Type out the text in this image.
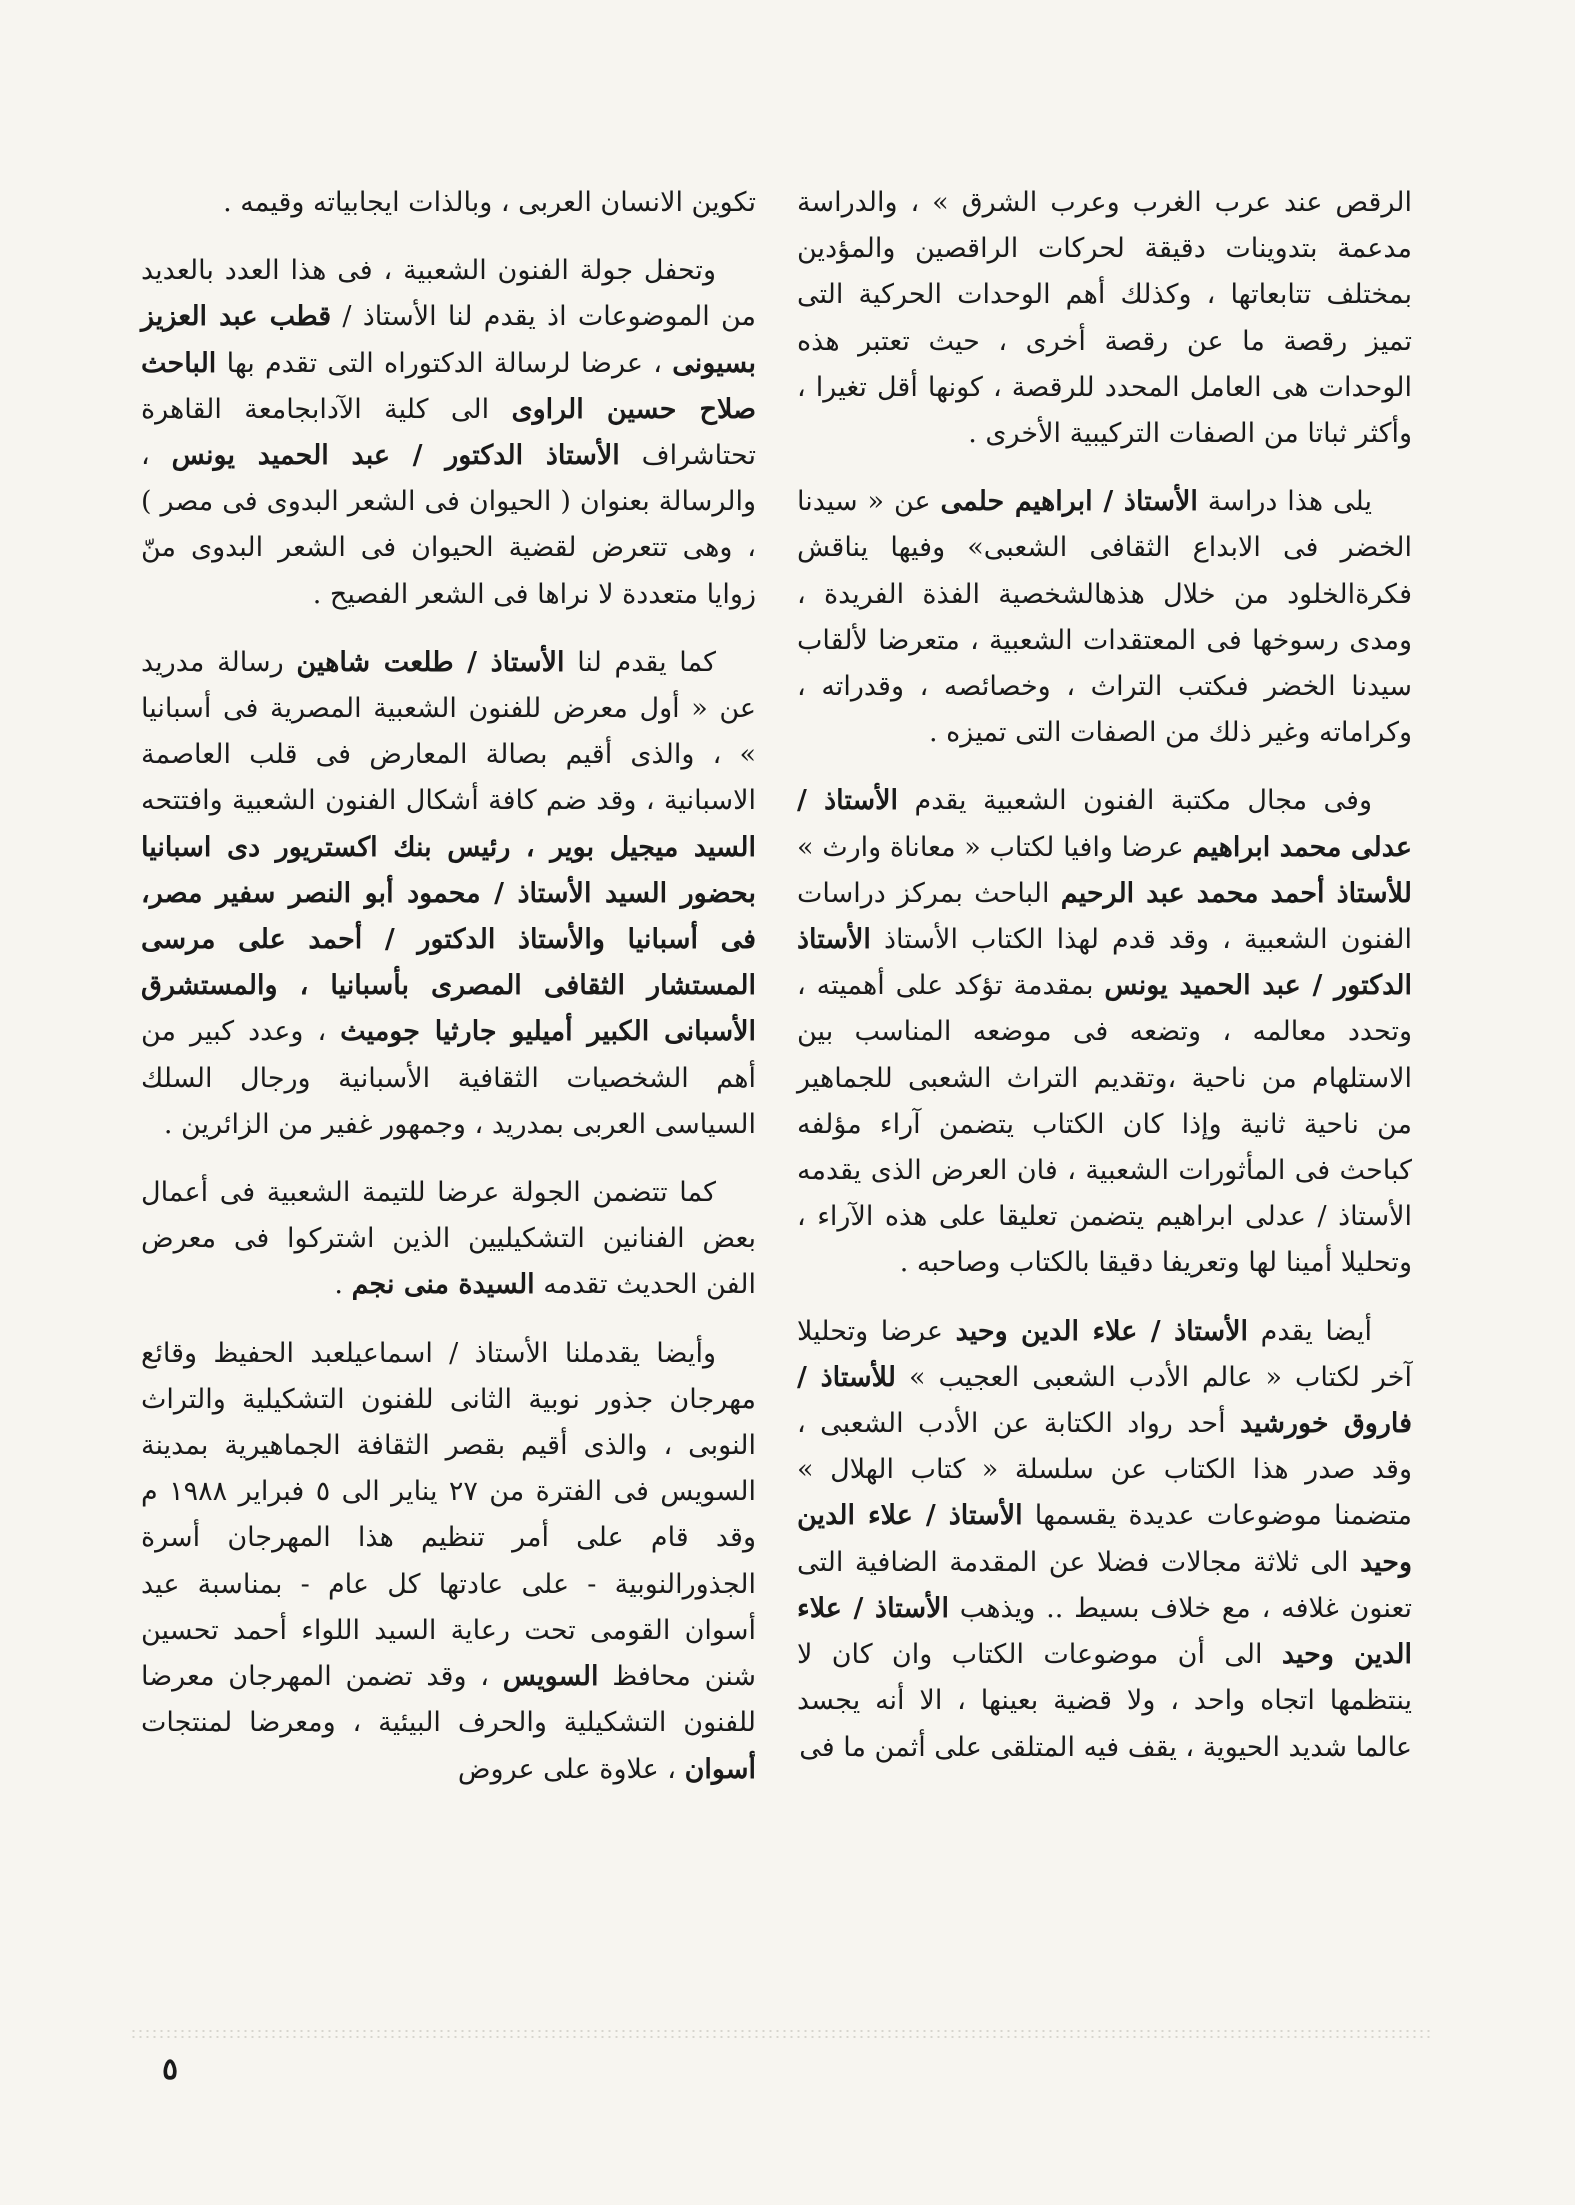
الرقص عند عرب الغرب وعرب الشرق » ، والدراسة مدعمة بتدوينات دقيقة لحركات الراقصين والمؤدين بمختلف تتابعاتها ، وكذلك أهم الوحدات الحركية التى تميز رقصة ما عن رقصة أخرى ، حيث تعتبر هذه الوحدات هى العامل المحدد للرقصة ، كونها أقل تغيرا ، وأكثر ثباتا من الصفات التركيبية الأخرى .

يلى هذا دراسة الأستاذ / ابراهيم حلمى عن « سيدنا الخضر فى الابداع الثقافى الشعبى» وفيها يناقش فكرةالخلود من خلال هذهالشخصية الفذة الفريدة ، ومدى رسوخها فى المعتقدات الشعبية ، متعرضا لألقاب سيدنا الخضر فىكتب التراث ، وخصائصه ، وقدراته ، وكراماته وغير ذلك من الصفات التى تميزه .

وفى مجال مكتبة الفنون الشعبية يقدم الأستاذ / عدلى محمد ابراهيم عرضا وافيا لكتاب « معاناة وارث » للأستاذ أحمد محمد عبد الرحيم الباحث بمركز دراسات الفنون الشعبية ، وقد قدم لهذا الكتاب الأستاذ الأستاذ الدكتور / عبد الحميد يونس بمقدمة تؤكد على أهميته ، وتحدد معالمه ، وتضعه فى موضعه المناسب بين الاستلهام من ناحية ،وتقديم التراث الشعبى للجماهير من ناحية ثانية وإذا كان الكتاب يتضمن آراء مؤلفه كباحث فى المأثورات الشعبية ، فان العرض الذى يقدمه الأستاذ / عدلى ابراهيم يتضمن تعليقا على هذه الآراء ، وتحليلا أمينا لها وتعريفا دقيقا بالكتاب وصاحبه .

أيضا يقدم الأستاذ / علاء الدين وحيد عرضا وتحليلا آخر لكتاب « عالم الأدب الشعبى العجيب » للأستاذ / فاروق خورشيد أحد رواد الكتابة عن الأدب الشعبى ، وقد صدر هذا الكتاب عن سلسلة « كتاب الهلال » متضمنا موضوعات عديدة يقسمها الأستاذ / علاء الدين وحيد الى ثلاثة مجالات فضلا عن المقدمة الضافية التى تعنون غلافه ، مع خلاف بسيط .. ويذهب الأستاذ / علاء الدين وحيد الى أن موضوعات الكتاب وان كان لا ينتظمها اتجاه واحد ، ولا قضية بعينها ، الا أنه يجسد عالما شديد الحيوية ، يقف فيه المتلقى على أثمن ما فى

تكوين الانسان العربى ، وبالذات ايجابياته وقيمه .

وتحفل جولة الفنون الشعبية ، فى هذا العدد بالعديد من الموضوعات اذ يقدم لنا الأستاذ / قطب عبد العزيز بسيونى ، عرضا لرسالة الدكتوراه التى تقدم بها الباحث صلاح حسين الراوى الى كلية الآدابجامعة القاهرة تحتاشراف الأستاذ الدكتور / عبد الحميد يونس ، والرسالة بعنوان ( الحيوان فى الشعر البدوى فى مصر ) ، وهى تتعرض لقضية الحيوان فى الشعر البدوى منّ زوايا متعددة لا نراها فى الشعر الفصيح .

كما يقدم لنا الأستاذ / طلعت شاهين رسالة مدريد عن « أول معرض للفنون الشعبية المصرية فى أسبانيا » ، والذى أقيم بصالة المعارض فى قلب العاصمة الاسبانية ، وقد ضم كافة أشكال الفنون الشعبية وافتتحه السيد ميجيل بوير ، رئيس بنك اكستريور دى اسبانيا بحضور السيد الأستاذ / محمود أبو النصر سفير مصر، فى أسبانيا والأستاذ الدكتور / أحمد على مرسى المستشار الثقافى المصرى بأسبانيا ، والمستشرق الأسبانى الكبير أميليو جارثيا جوميث ، وعدد كبير من أهم الشخصيات الثقافية الأسبانية ورجال السلك السياسى العربى بمدريد ، وجمهور غفير من الزائرين .

كما تتضمن الجولة عرضا للتيمة الشعبية فى أعمال بعض الفنانين التشكيليين الذين اشتركوا فى معرض الفن الحديث تقدمه السيدة منى نجم .

وأيضا يقدملنا الأستاذ / اسماعيلعبد الحفيظ وقائع مهرجان جذور نوبية الثانى للفنون التشكيلية والتراث النوبى ، والذى أقيم بقصر الثقافة الجماهيرية بمدينة السويس فى الفترة من ٢٧ يناير الى ٥ فبراير ١٩٨٨ م وقد قام على أمر تنظيم هذا المهرجان أسرة الجذورالنوبية - على عادتها كل عام - بمناسبة عيد أسوان القومى تحت رعاية السيد اللواء أحمد تحسين شنن محافظ السويس ، وقد تضمن المهرجان معرضا للفنون التشكيلية والحرف البيئية ، ومعرضا لمنتجات أسوان ، علاوة على عروض

٥
